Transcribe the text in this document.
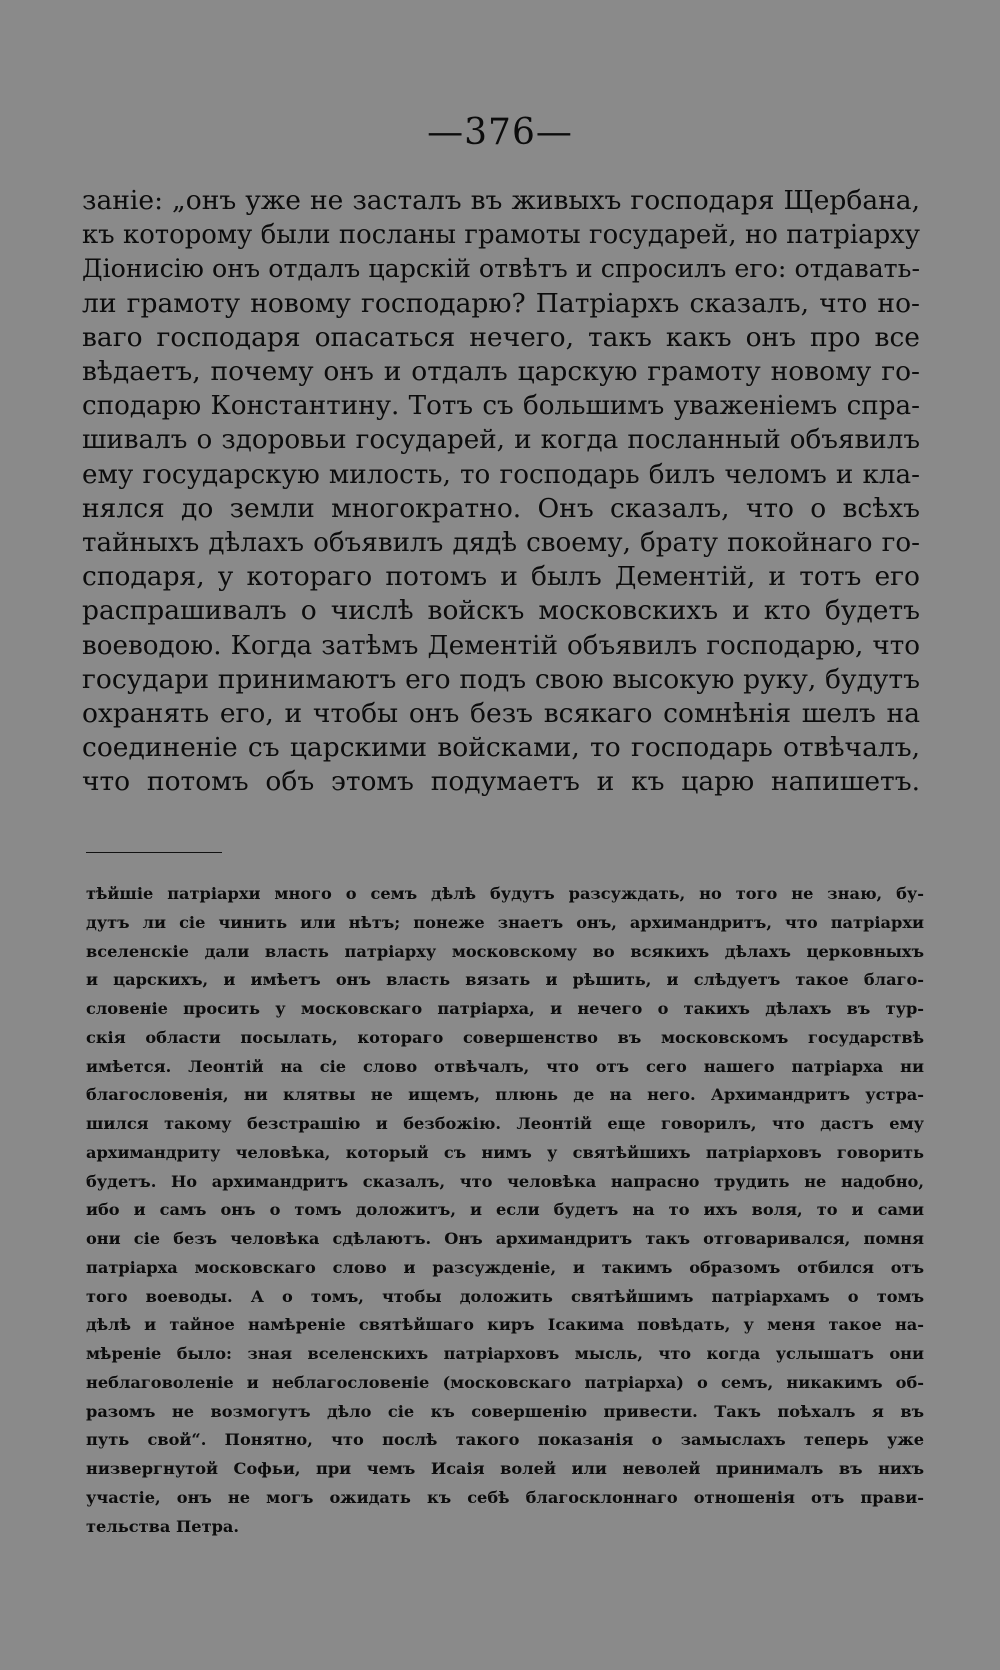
—376—
заніе: „онъ уже не засталъ въ живыхъ господаря Щербана,
къ которому были посланы грамоты государей, но патріарху
Діонисію онъ отдалъ царскій отвѣтъ и спросилъ его: отдавать-
ли грамоту новому господарю? Патріархъ сказалъ, что но-
ваго господаря опасаться нечего, такъ какъ онъ про все
вѣдаетъ, почему онъ и отдалъ царскую грамоту новому го-
сподарю Константину. Тотъ съ большимъ уваженіемъ спра-
шивалъ о здоровьи государей, и когда посланный объявилъ
ему государскую милость, то господарь билъ челомъ и кла-
нялся до земли многократно. Онъ сказалъ, что о всѣхъ
тайныхъ дѣлахъ объявилъ дядѣ своему, брату покойнаго го-
сподаря, у котораго потомъ и былъ Дементій, и тотъ его
распрашивалъ о числѣ войскъ московскихъ и кто будетъ
воеводою. Когда затѣмъ Дементій объявилъ господарю, что
государи принимаютъ его подъ свою высокую руку, будутъ
охранять его, и чтобы онъ безъ всякаго сомнѣнія шелъ на
соединеніе съ царскими войсками, то господарь отвѣчалъ,
что потомъ объ этомъ подумаетъ и къ царю напишетъ.
тѣйшіе патріархи много о семъ дѣлѣ будутъ разсуждать, но того не знаю, бу-
дутъ ли сіе чинить или нѣтъ; понеже знаетъ онъ, архимандритъ, что патріархи
вселенскіе дали власть патріарху московскому во всякихъ дѣлахъ церковныхъ
и царскихъ, и имѣетъ онъ власть вязать и рѣшить, и слѣдуетъ такое благо-
словеніе просить у московскаго патріарха, и нечего о такихъ дѣлахъ въ тур-
скія области посылать, котораго совершенство въ московскомъ государствѣ
имѣется. Леонтій на сіе слово отвѣчалъ, что отъ сего нашего патріарха ни
благословенія, ни клятвы не ищемъ, плюнь де на него. Архимандритъ устра-
шился такому безстрашію и безбожію. Леонтій еще говорилъ, что дастъ ему
архимандриту человѣка, который съ нимъ у святѣйшихъ патріарховъ говорить
будетъ. Но архимандритъ сказалъ, что человѣка напрасно трудить не надобно,
ибо и самъ онъ о томъ доложитъ, и если будетъ на то ихъ воля, то и сами
они сіе безъ человѣка сдѣлаютъ. Онъ архимандритъ такъ отговаривался, помня
патріарха московскаго слово и разсужденіе, и такимъ образомъ отбился отъ
того воеводы. А о томъ, чтобы доложить святѣйшимъ патріархамъ о томъ
дѣлѣ и тайное намѣреніе святѣйшаго киръ Ісакима повѣдать, у меня такое на-
мѣреніе было: зная вселенскихъ патріарховъ мысль, что когда услышатъ они
неблаговоленіе и неблагословеніе (московскаго патріарха) о семъ, никакимъ об-
разомъ не возмогутъ дѣло сіе къ совершенію привести. Такъ поѣхалъ я въ
путь свой“. Понятно, что послѣ такого показанія о замыслахъ теперь уже
низвергнутой Софьи, при чемъ Исаія волей или неволей принималъ въ нихъ
участіе, онъ не могъ ожидать къ себѣ благосклоннаго отношенія отъ прави-
тельства Петра.
